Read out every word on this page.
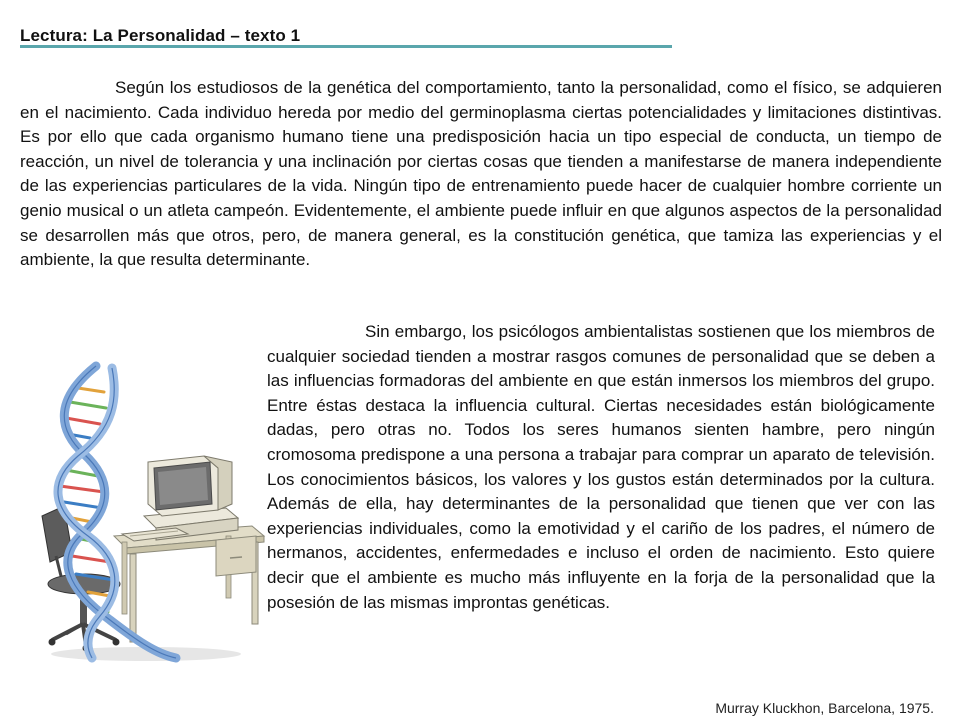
Lectura: La Personalidad – texto 1

Según los estudiosos de la genética del comportamiento, tanto la personalidad, como el físico, se adquieren en el nacimiento. Cada individuo hereda por medio del germinoplasma ciertas potencialidades y limitaciones distintivas. Es por ello que cada organismo humano tiene una predisposición hacia un tipo especial de conducta, un tiempo de reacción, un nivel de tolerancia y una inclinación por ciertas cosas que tienden a manifestarse de manera independiente de las experiencias particulares de la vida. Ningún tipo de entrenamiento puede hacer de cualquier hombre corriente un genio musical o un atleta campeón. Evidentemente, el ambiente puede influir en que algunos aspectos de la personalidad se desarrollen más que otros, pero, de manera general, es la constitución genética, que tamiza las experiencias y el ambiente, la que resulta determinante.

Sin embargo, los psicólogos ambientalistas sostienen que los miembros de cualquier sociedad tienden a mostrar rasgos comunes de personalidad que se deben a las influencias formadoras del ambiente en que están inmersos los miembros del grupo. Entre éstas destaca la influencia cultural. Ciertas necesidades están biológicamente dadas, pero otras no. Todos los seres humanos sienten hambre, pero ningún cromosoma predispone a una persona a trabajar para comprar un aparato de televisión. Los conocimientos básicos, los valores y los gustos están determinados por la cultura. Además de ella, hay determinantes de la personalidad que tienen que ver con las experiencias individuales, como la emotividad y el cariño de los padres, el número de hermanos, accidentes, enfermedades e incluso el orden de nacimiento. Esto quiere decir que el ambiente es mucho más influyente en la forja de la personalidad que la posesión de las mismas improntas genéticas.

Murray Kluckhon, Barcelona, 1975.
